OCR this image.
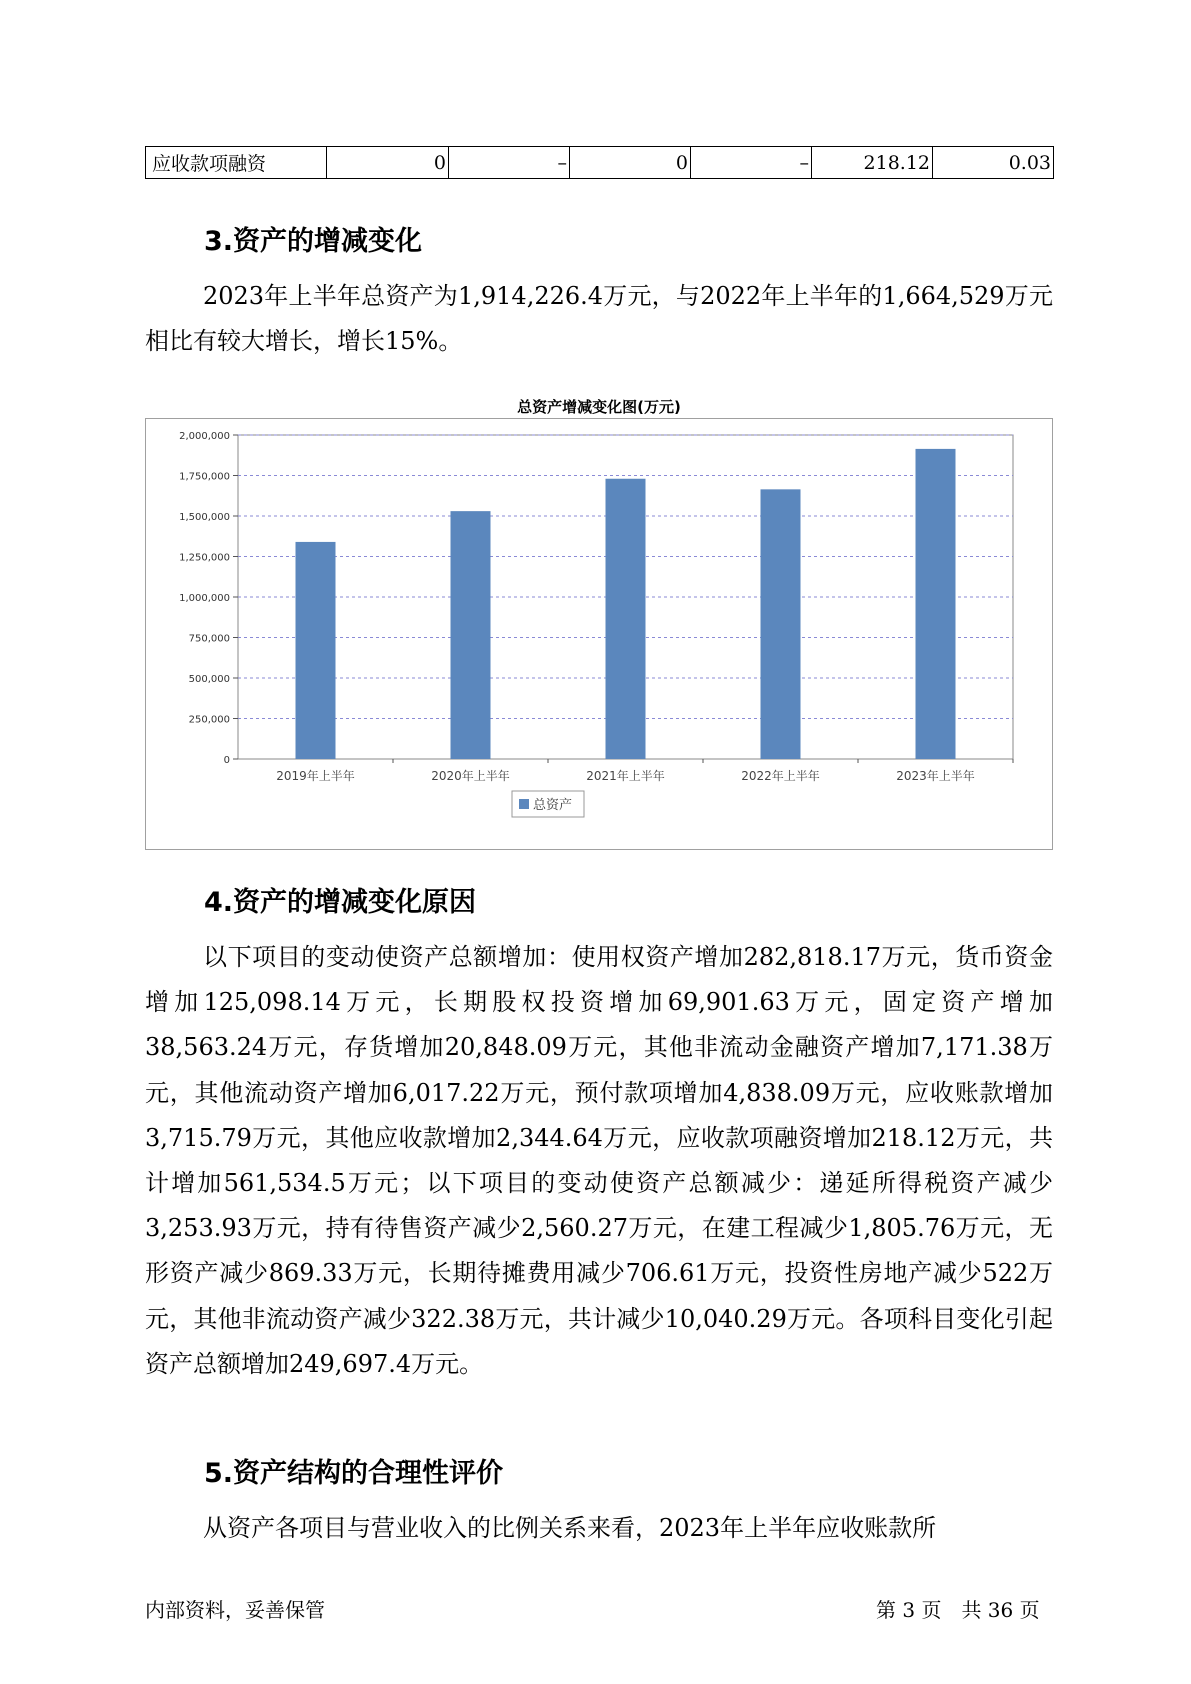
应收款项融资	0	–	0	–	218.12	0.03
3.资产的增减变化

2023年上半年总资产为1,914,226.4万元，与2022年上半年的1,664,529万元相比有较大增长，增长15%。

总资产增减变化图(万元)
0
250,000
500,000
750,000
1,000,000
1,250,000
1,500,000
1,750,000
2,000,000
2019年上半年	2020年上半年	2021年上半年	2022年上半年	2023年上半年
总资产
4.资产的增减变化原因

以下项目的变动使资产总额增加：使用权资产增加282,818.17万元，货币资金增加125,098.14万元，长期股权投资增加69,901.63万元，固定资产增加38,563.24万元，存货增加20,848.09万元，其他非流动金融资产增加7,171.38万元，其他流动资产增加6,017.22万元，预付款项增加4,838.09万元，应收账款增加3,715.79万元，其他应收款增加2,344.64万元，应收款项融资增加218.12万元，共计增加561,534.5万元；以下项目的变动使资产总额减少：递延所得税资产减少3,253.93万元，持有待售资产减少2,560.27万元，在建工程减少1,805.76万元，无形资产减少869.33万元，长期待摊费用减少706.61万元，投资性房地产减少522万元，其他非流动资产减少322.38万元，共计减少10,040.29万元。各项科目变化引起资产总额增加249,697.4万元。

5.资产结构的合理性评价

从资产各项目与营业收入的比例关系来看，2023年上半年应收账款所

内部资料，妥善保管	第 3 页　共 36 页
